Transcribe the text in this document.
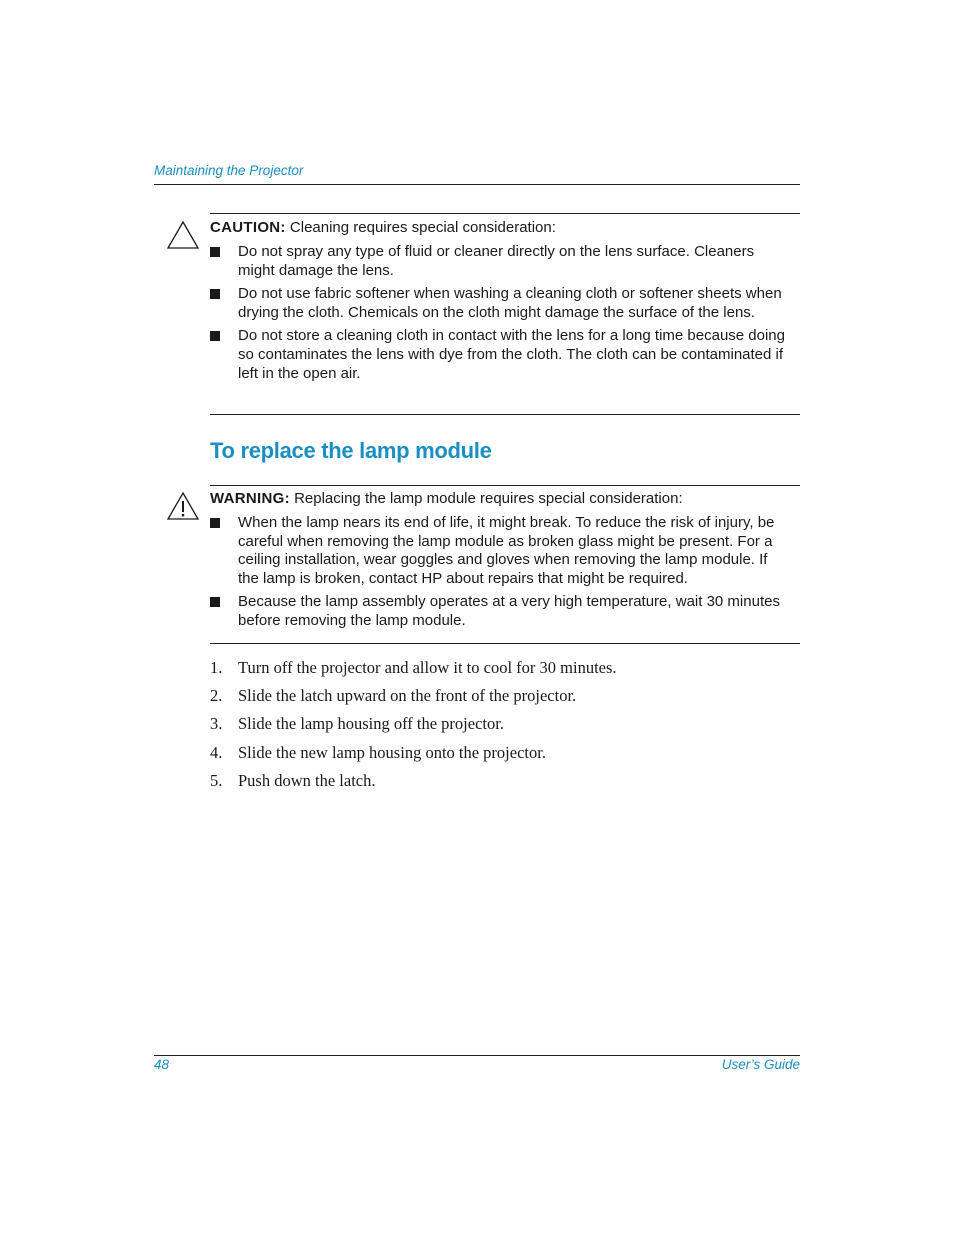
Maintaining the Projector
CAUTION: Cleaning requires special consideration:
Do not spray any type of fluid or cleaner directly on the lens surface. Cleaners might damage the lens.
Do not use fabric softener when washing a cleaning cloth or softener sheets when drying the cloth. Chemicals on the cloth might damage the surface of the lens.
Do not store a cleaning cloth in contact with the lens for a long time because doing so contaminates the lens with dye from the cloth. The cloth can be contaminated if left in the open air.
To replace the lamp module
WARNING: Replacing the lamp module requires special consideration:
When the lamp nears its end of life, it might break. To reduce the risk of injury, be careful when removing the lamp module as broken glass might be present. For a ceiling installation, wear goggles and gloves when removing the lamp module. If the lamp is broken, contact HP about repairs that might be required.
Because the lamp assembly operates at a very high temperature, wait 30 minutes before removing the lamp module.
1. Turn off the projector and allow it to cool for 30 minutes.
2. Slide the latch upward on the front of the projector.
3. Slide the lamp housing off the projector.
4. Slide the new lamp housing onto the projector.
5. Push down the latch.
48	User’s Guide
